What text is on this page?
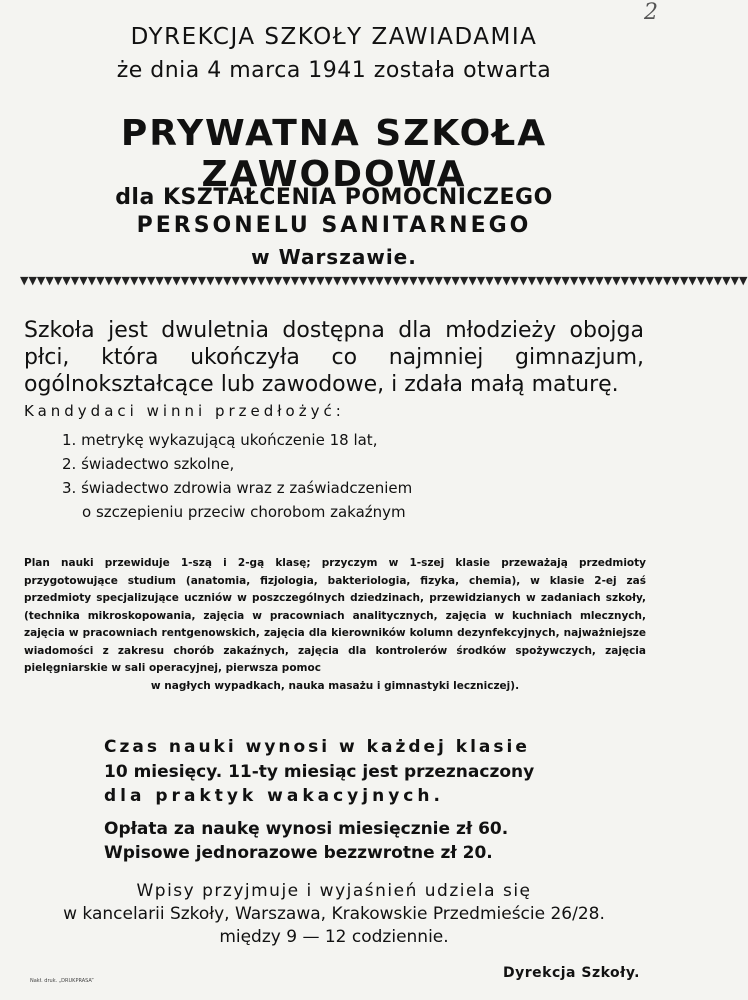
2
DYREKCJA SZKOŁY ZAWIADAMIA
że dnia 4 marca 1941 została otwarta
PRYWATNA SZKOŁA ZAWODOWA
dla KSZTAŁCENIA POMOCNICZEGO
PERSONELU SANITARNEGO
w Warszawie.
▼▼▼▼▼▼▼▼▼▼▼▼▼▼▼▼▼▼▼▼▼▼▼▼▼▼▼▼▼▼▼▼▼▼▼▼▼▼▼▼▼▼▼▼▼▼▼▼▼▼▼▼▼▼▼▼▼▼▼▼▼▼▼▼▼▼▼▼▼▼▼▼▼▼▼▼▼▼▼▼▼▼▼▼▼▼
Szkoła jest dwuletnia dostępna dla młodzieży obojga płci, która ukończyła co najmniej gimnazjum, ogólnokształcące lub zawodowe, i zdała małą maturę.
Kandydaci winni przedłożyć:
1. metrykę wykazującą ukończenie 18 lat,
2. świadectwo szkolne,
3. świadectwo zdrowia wraz z zaświadczeniem
o szczepieniu przeciw chorobom zakaźnym
Plan nauki przewiduje 1-szą i 2-gą klasę; przyczym w 1-szej klasie przeważają przedmioty przygotowujące studium (anatomia, fizjologia, bakteriologia, fizyka, chemia), w klasie 2-ej zaś przedmioty specjalizujące uczniów w poszczególnych dziedzinach, przewidzianych w zadaniach szkoły, (technika mikroskopowania, zajęcia w pracowniach analitycznych, zajęcia w kuchniach mlecznych, zajęcia w pracowniach rentgenowskich, zajęcia dla kierowników kolumn dezynfekcyjnych, najważniejsze wiadomości z zakresu chorób zakaźnych, zajęcia dla kontrolerów środków spożywczych, zajęcia pielęgniarskie w sali operacyjnej, pierwsza pomoc
w nagłych wypadkach, nauka masażu i gimnastyki leczniczej).
Czas nauki wynosi w każdej klasie
10 miesięcy. 11-ty miesiąc jest przeznaczony
dla praktyk wakacyjnych.
Opłata za naukę wynosi miesięcznie zł 60.
Wpisowe jednorazowe bezzwrotne zł 20.
Wpisy przyjmuje i wyjaśnień udziela się
w kancelarii Szkoły, Warszawa, Krakowskie Przedmieście 26/28.
między 9 — 12 codziennie.
Nakł. druk. „DRUKPRASA”	Dyrekcja Szkoły.
